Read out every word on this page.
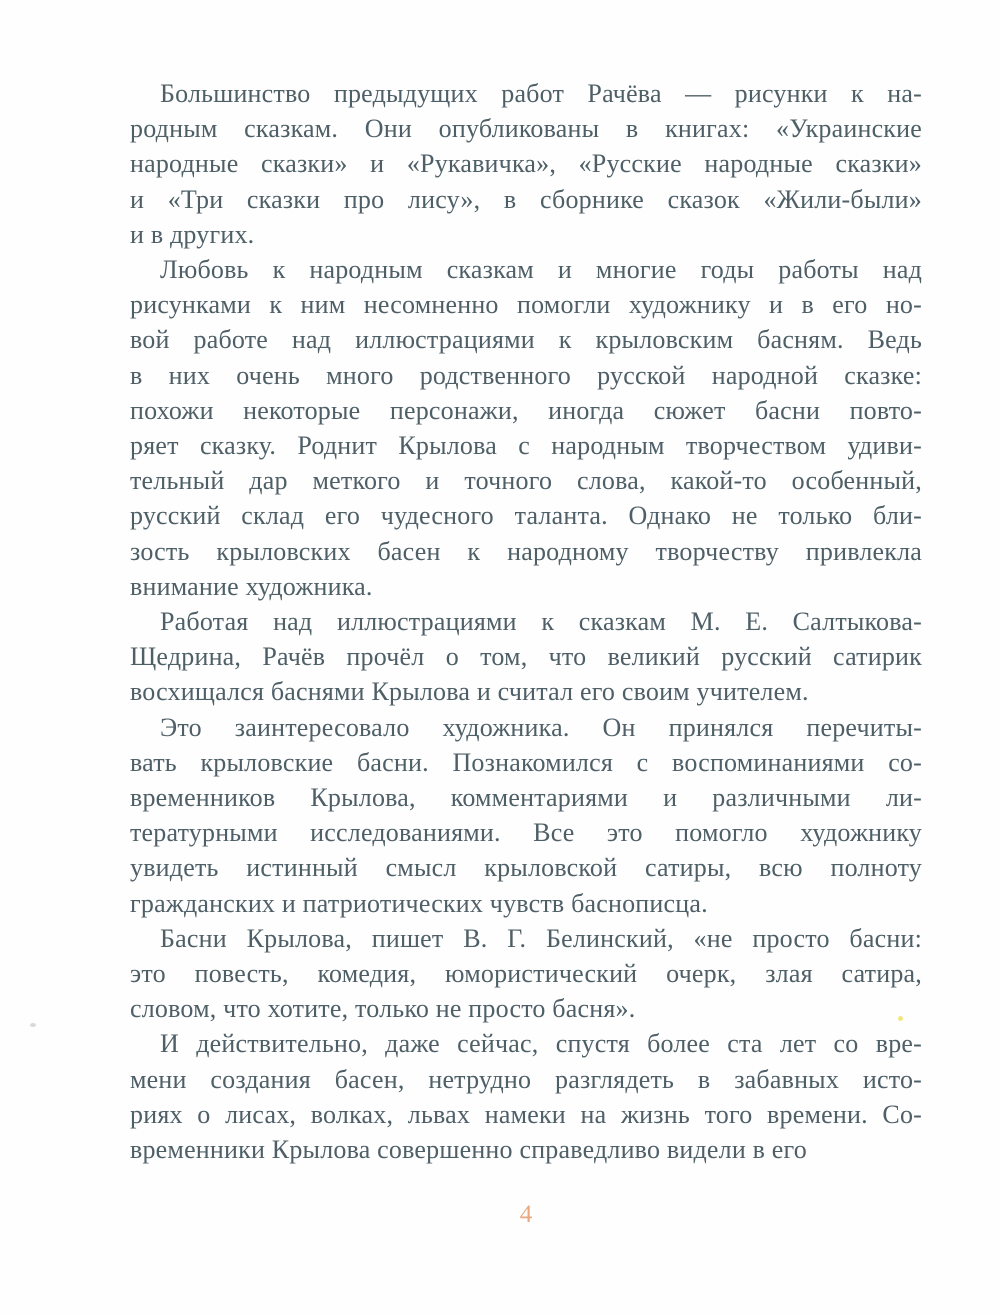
Большинство предыдущих работ Рачёва — рисунки к на-
родным сказкам. Они опубликованы в книгах: «Украинские
народные сказки» и «Рукавичка», «Русские народные сказки»
и «Три сказки про лису», в сборнике сказок «Жили-были»
и в других.

Любовь к народным сказкам и многие годы работы над
рисунками к ним несомненно помогли художнику и в его но-
вой работе над иллюстрациями к крыловским басням. Ведь
в них очень много родственного русской народной сказке:
похожи некоторые персонажи, иногда сюжет басни повто-
ряет сказку. Роднит Крылова с народным творчеством удиви-
тельный дар меткого и точного слова, какой-то особенный,
русский склад его чудесного таланта. Однако не только бли-
зость крыловских басен к народному творчеству привлекла
внимание художника.

Работая над иллюстрациями к сказкам М. Е. Салтыкова-
Щедрина, Рачёв прочёл о том, что великий русский сатирик
восхищался баснями Крылова и считал его своим учителем.

Это заинтересовало художника. Он принялся перечиты-
вать крыловские басни. Познакомился с воспоминаниями со-
временников Крылова, комментариями и различными ли-
тературными исследованиями. Все это помогло художнику
увидеть истинный смысл крыловской сатиры, всю полноту
гражданских и патриотических чувств баснописца.

Басни Крылова, пишет В. Г. Белинский, «не просто басни:
это повесть, комедия, юмористический очерк, злая сатира,
словом, что хотите, только не просто басня».

И действительно, даже сейчас, спустя более ста лет со вре-
мени создания басен, нетрудно разглядеть в забавных исто-
риях о лисах, волках, львах намеки на жизнь того времени. Со-
временники Крылова совершенно справедливо видели в его

4
